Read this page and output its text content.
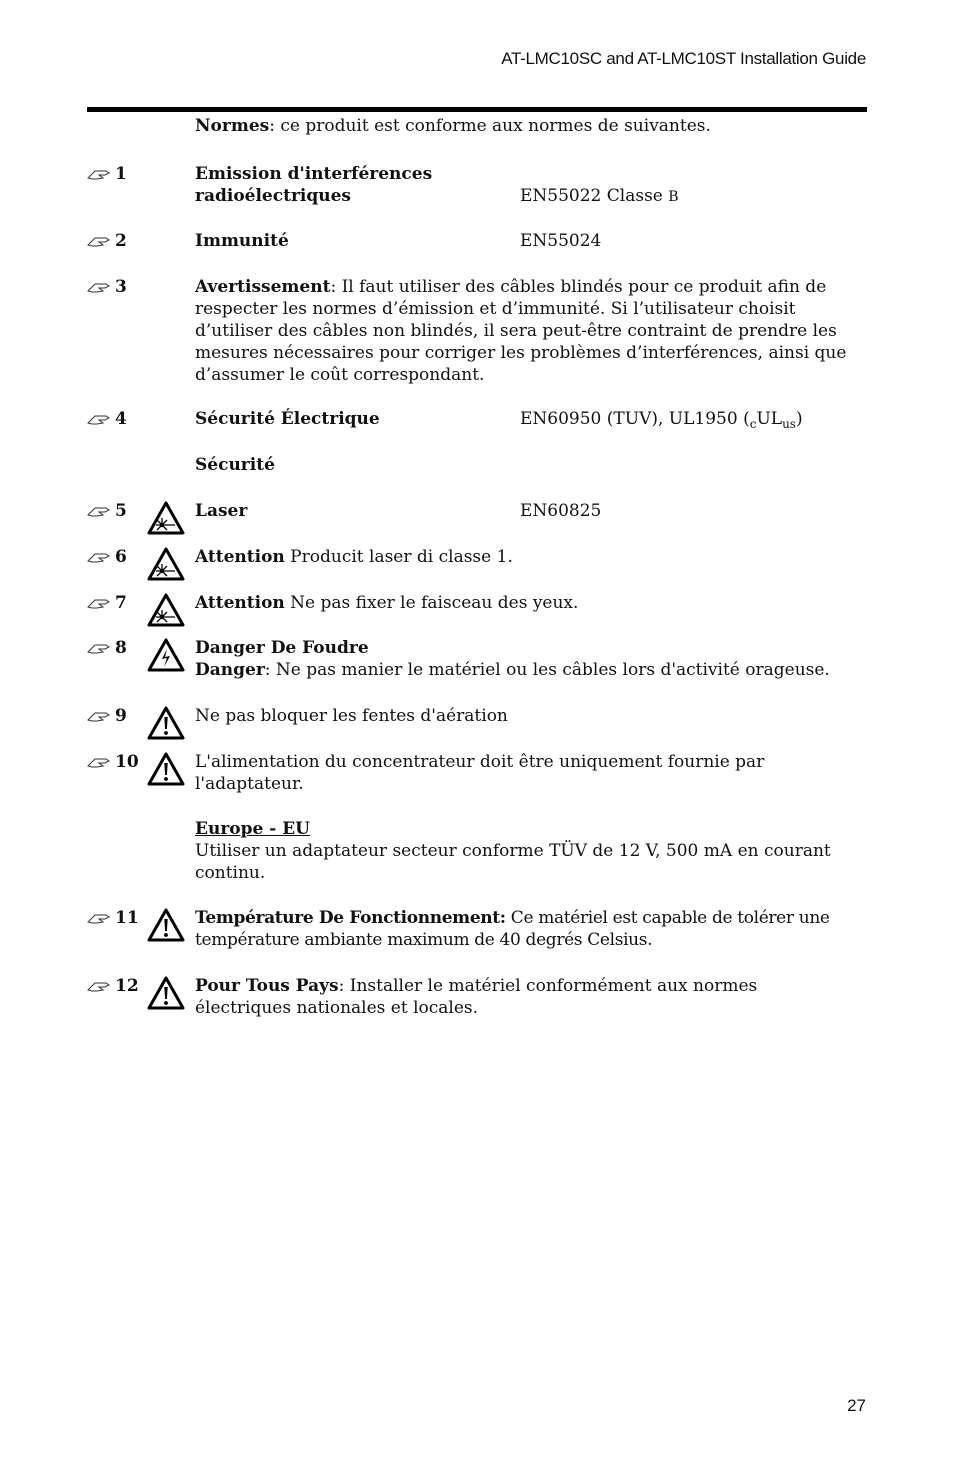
AT-LMC10SC and AT-LMC10ST Installation Guide
Normes: ce produit est conforme aux normes de suivantes.
1	Emission d'interférences
radioélectriques	EN55022 Classe B
2	Immunité	EN55024
3	Avertissement: Il faut utiliser des câbles blindés pour ce produit afin de respecter les normes d’émission et d’immunité. Si l’utilisateur choisit d’utiliser des câbles non blindés, il sera peut-être contraint de prendre les mesures nécessaires pour corriger les problèmes d’interférences, ainsi que d’assumer le coût correspondant.
4	Sécurité Électrique	EN60950 (TUV), UL1950 $(_cUL_{us})$
Sécurité
5	Laser	EN60825
6	Attention Producit laser di classe 1.
7	Attention Ne pas fixer le faisceau des yeux.
8	Danger De Foudre
Danger: Ne pas manier le matériel ou les câbles lors d'activité orageuse.
9	Ne pas bloquer les fentes d'aération
10	L'alimentation du concentrateur doit être uniquement fournie par l'adaptateur.
Europe - EU
Utiliser un adaptateur secteur conforme TÜV de 12 V, 500 mA en courant continu.
11	Température De Fonctionnement: Ce matériel est capable de tolérer une température ambiante maximum de 40 degrés Celsius.
12	Pour Tous Pays: Installer le matériel conformément aux normes électriques nationales et locales.
27
